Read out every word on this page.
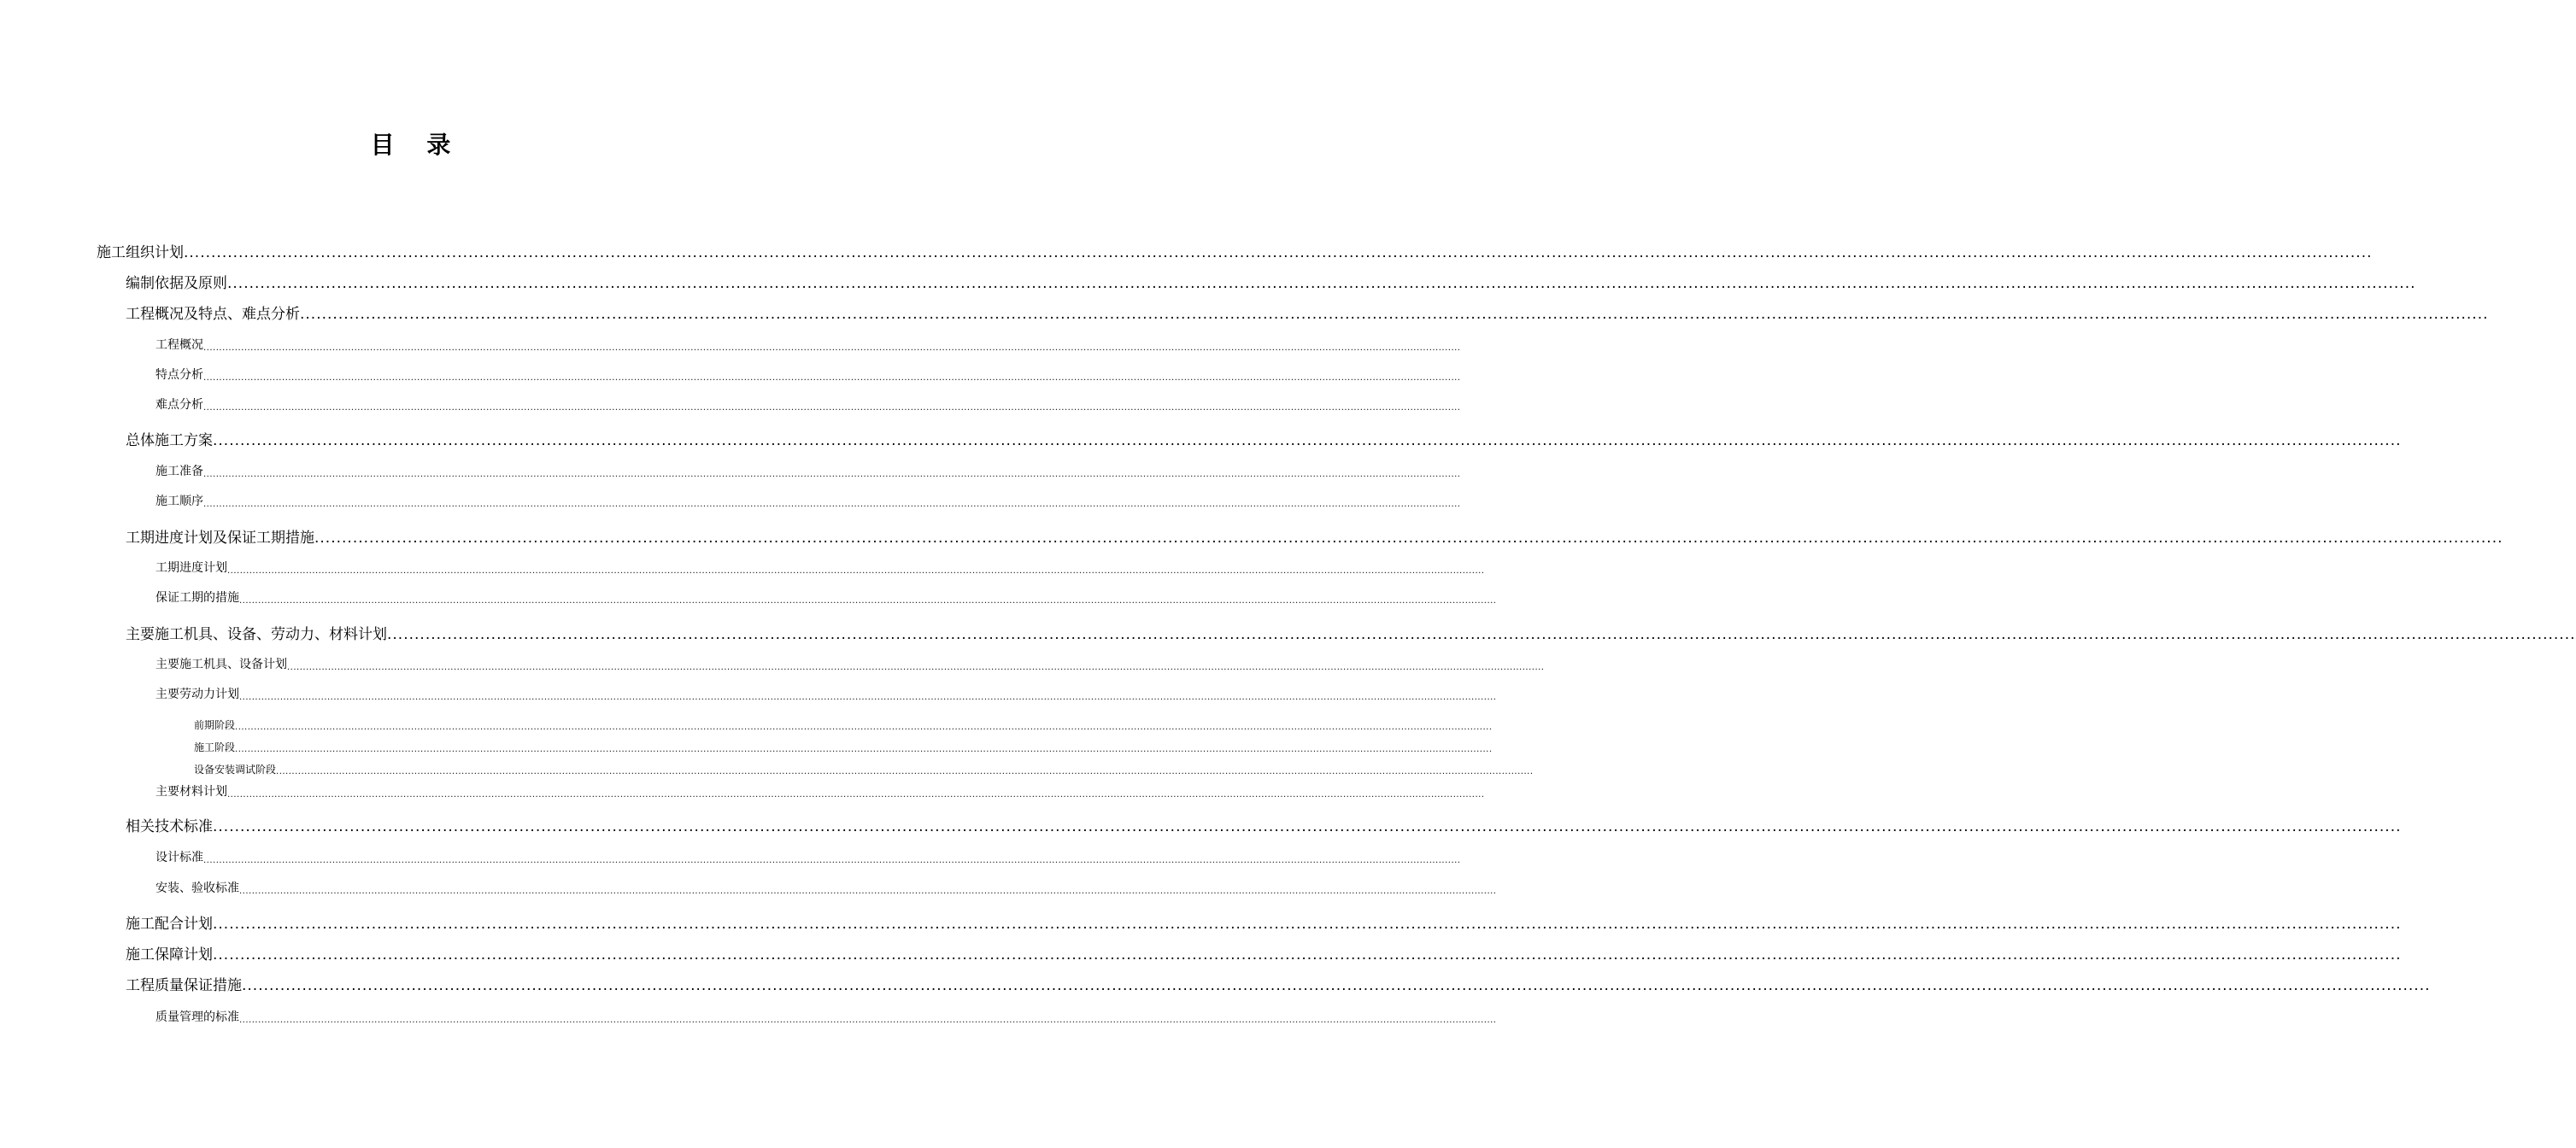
目 录
施工组织计划 ................................................................................................................................................................................................................................................................................................................................................................................................................
编制依据及原则 ................................................................................................................................................................................................................................................................................................................................................................................................................
工程概况及特点、难点分析 ................................................................................................................................................................................................................................................................................................................................................................................................................
工程概况 ................................................................................................................................................................................................................................................................................................................................................................................................................
特点分析 ................................................................................................................................................................................................................................................................................................................................................................................................................
难点分析 ................................................................................................................................................................................................................................................................................................................................................................................................................
总体施工方案 ................................................................................................................................................................................................................................................................................................................................................................................................................
施工准备 ................................................................................................................................................................................................................................................................................................................................................................................................................
施工顺序 ................................................................................................................................................................................................................................................................................................................................................................................................................
工期进度计划及保证工期措施 ................................................................................................................................................................................................................................................................................................................................................................................................................
工期进度计划 ................................................................................................................................................................................................................................................................................................................................................................................................................
保证工期的措施 ................................................................................................................................................................................................................................................................................................................................................................................................................
主要施工机具、设备、劳动力、材料计划 ................................................................................................................................................................................................................................................................................................................................................................................................................
主要施工机具、设备计划 ................................................................................................................................................................................................................................................................................................................................................................................................................
主要劳动力计划 ................................................................................................................................................................................................................................................................................................................................................................................................................
前期阶段 ................................................................................................................................................................................................................................................................................................................................................................................................................
施工阶段 ................................................................................................................................................................................................................................................................................................................................................................................................................
设备安装调试阶段 ................................................................................................................................................................................................................................................................................................................................................................................................................
主要材料计划 ................................................................................................................................................................................................................................................................................................................................................................................................................
相关技术标准 ................................................................................................................................................................................................................................................................................................................................................................................................................
设计标准 ................................................................................................................................................................................................................................................................................................................................................................................................................
安装、验收标准 ................................................................................................................................................................................................................................................................................................................................................................................................................
施工配合计划 ................................................................................................................................................................................................................................................................................................................................................................................................................
施工保障计划 ................................................................................................................................................................................................................................................................................................................................................................................................................
工程质量保证措施 ................................................................................................................................................................................................................................................................................................................................................................................................................
质量管理的标准 ................................................................................................................................................................................................................................................................................................................................................................................................................
